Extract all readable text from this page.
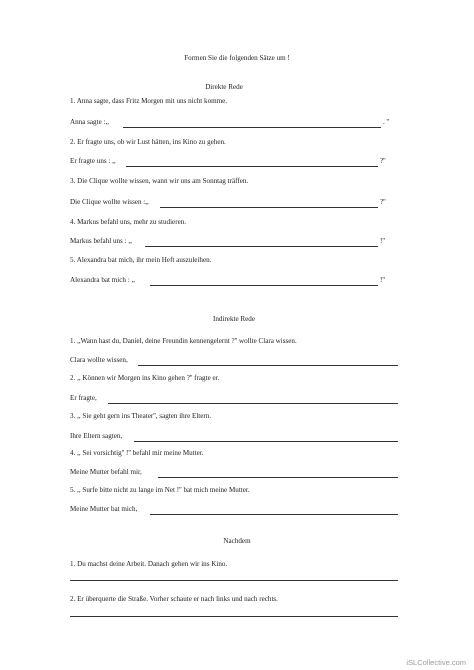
Formen Sie die folgenden Sätze um !
Direkte Rede
1. Anna sagte, dass Fritz Morgen mit uns nicht komme.
Anna sagte :,,	. ''
2. Er fragte uns, ob wir Lust hätten, ins Kino zu gehen.
Er fragte uns : ,,	?''
3. Die Clique wollte wissen, wann wir uns am Sonntag träffen.
Die Clique wollte wissen :,,	?''
4. Markus befahl uns, mehr zu studieren.
Markus befahl uns : ,,	!''
5. Alexandra bat mich, ihr mein Heft auszuleihen.
Alexandra bat mich : ,,	!''
Indirekte Rede
1. ,,Wann hast du, Daniel, deine Freundin kennengelernt ?'' wollte Clara wissen.
Clara wollte wissen,
2. ,, Können wir Morgen ins Kino gehen ?'' fragte er.
Er fragte,
3. ,, Sie geht gern ins Theater'', sagten ihre Eltern.
Ihre Eltern sagten,
4. ,, Sei vorsichtig'' !'' befahl mir meine Mutter.
Meine Mutter befahl mir,
5. ,, Surfe bitte nicht zu lange im Net !'' bat mich meine Mutter.
Meine Mutter bat mich,
Nachdem
1. Du machst deine Arbeit. Danach gehen wir ins Kino.
2. Er überquerte die Straße. Vorher schaute er nach links und nach rechts.
iSLCollective.com
